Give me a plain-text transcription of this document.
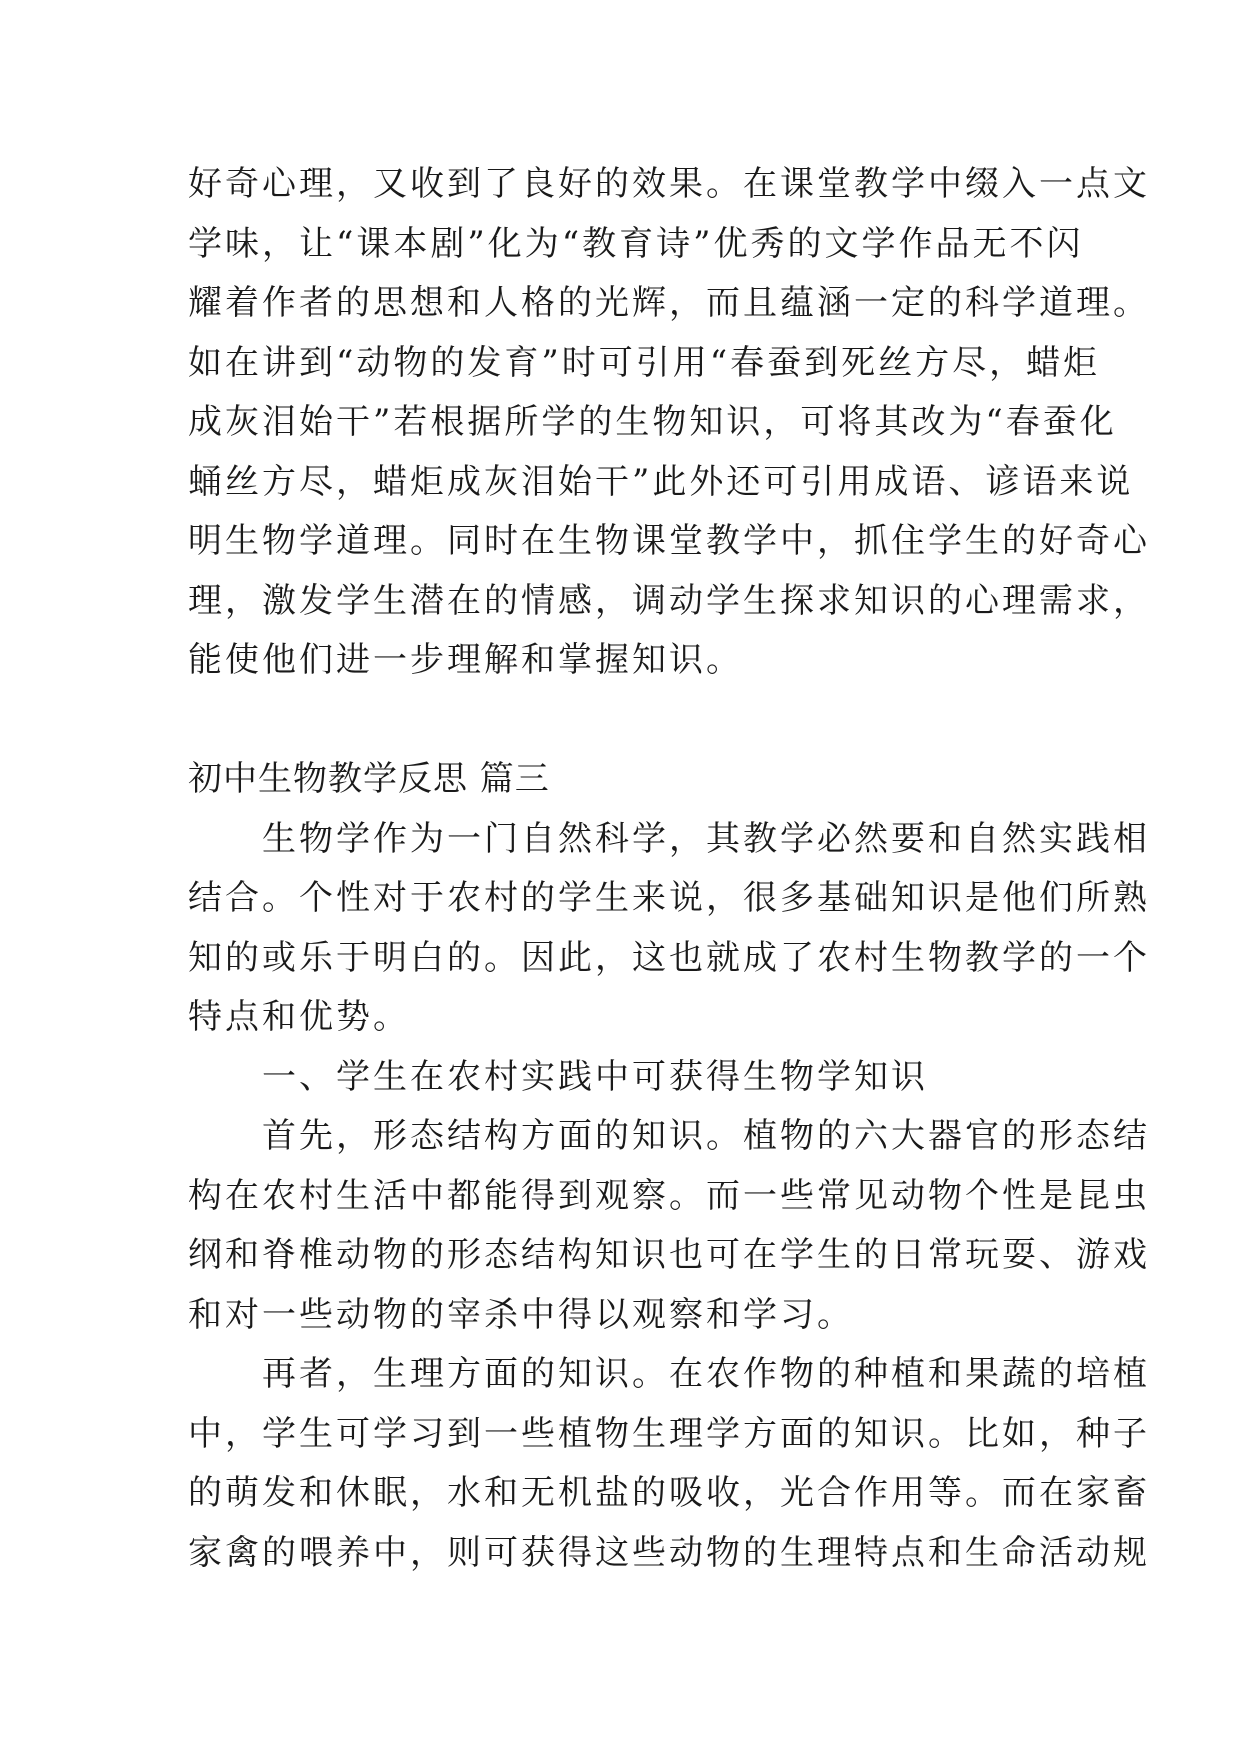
好奇心理，又收到了良好的效果。在课堂教学中缀入一点文
学味，让“课本剧”化为“教育诗”优秀的文学作品无不闪
耀着作者的思想和人格的光辉，而且蕴涵一定的科学道理。
如在讲到“动物的发育”时可引用“春蚕到死丝方尽，蜡炬
成灰泪始干”若根据所学的生物知识，可将其改为“春蚕化
蛹丝方尽，蜡炬成灰泪始干”此外还可引用成语、谚语来说
明生物学道理。同时在生物课堂教学中，抓住学生的好奇心
理，激发学生潜在的情感，调动学生探求知识的心理需求，
能使他们进一步理解和掌握知识。
初中生物教学反思 篇三
　　生物学作为一门自然科学，其教学必然要和自然实践相
结合。个性对于农村的学生来说，很多基础知识是他们所熟
知的或乐于明白的。因此，这也就成了农村生物教学的一个
特点和优势。
　　一、学生在农村实践中可获得生物学知识
　　首先，形态结构方面的知识。植物的六大器官的形态结
构在农村生活中都能得到观察。而一些常见动物个性是昆虫
纲和脊椎动物的形态结构知识也可在学生的日常玩耍、游戏
和对一些动物的宰杀中得以观察和学习。
　　再者，生理方面的知识。在农作物的种植和果蔬的培植
中，学生可学习到一些植物生理学方面的知识。比如，种子
的萌发和休眠，水和无机盐的吸收，光合作用等。而在家畜
家禽的喂养中，则可获得这些动物的生理特点和生命活动规
